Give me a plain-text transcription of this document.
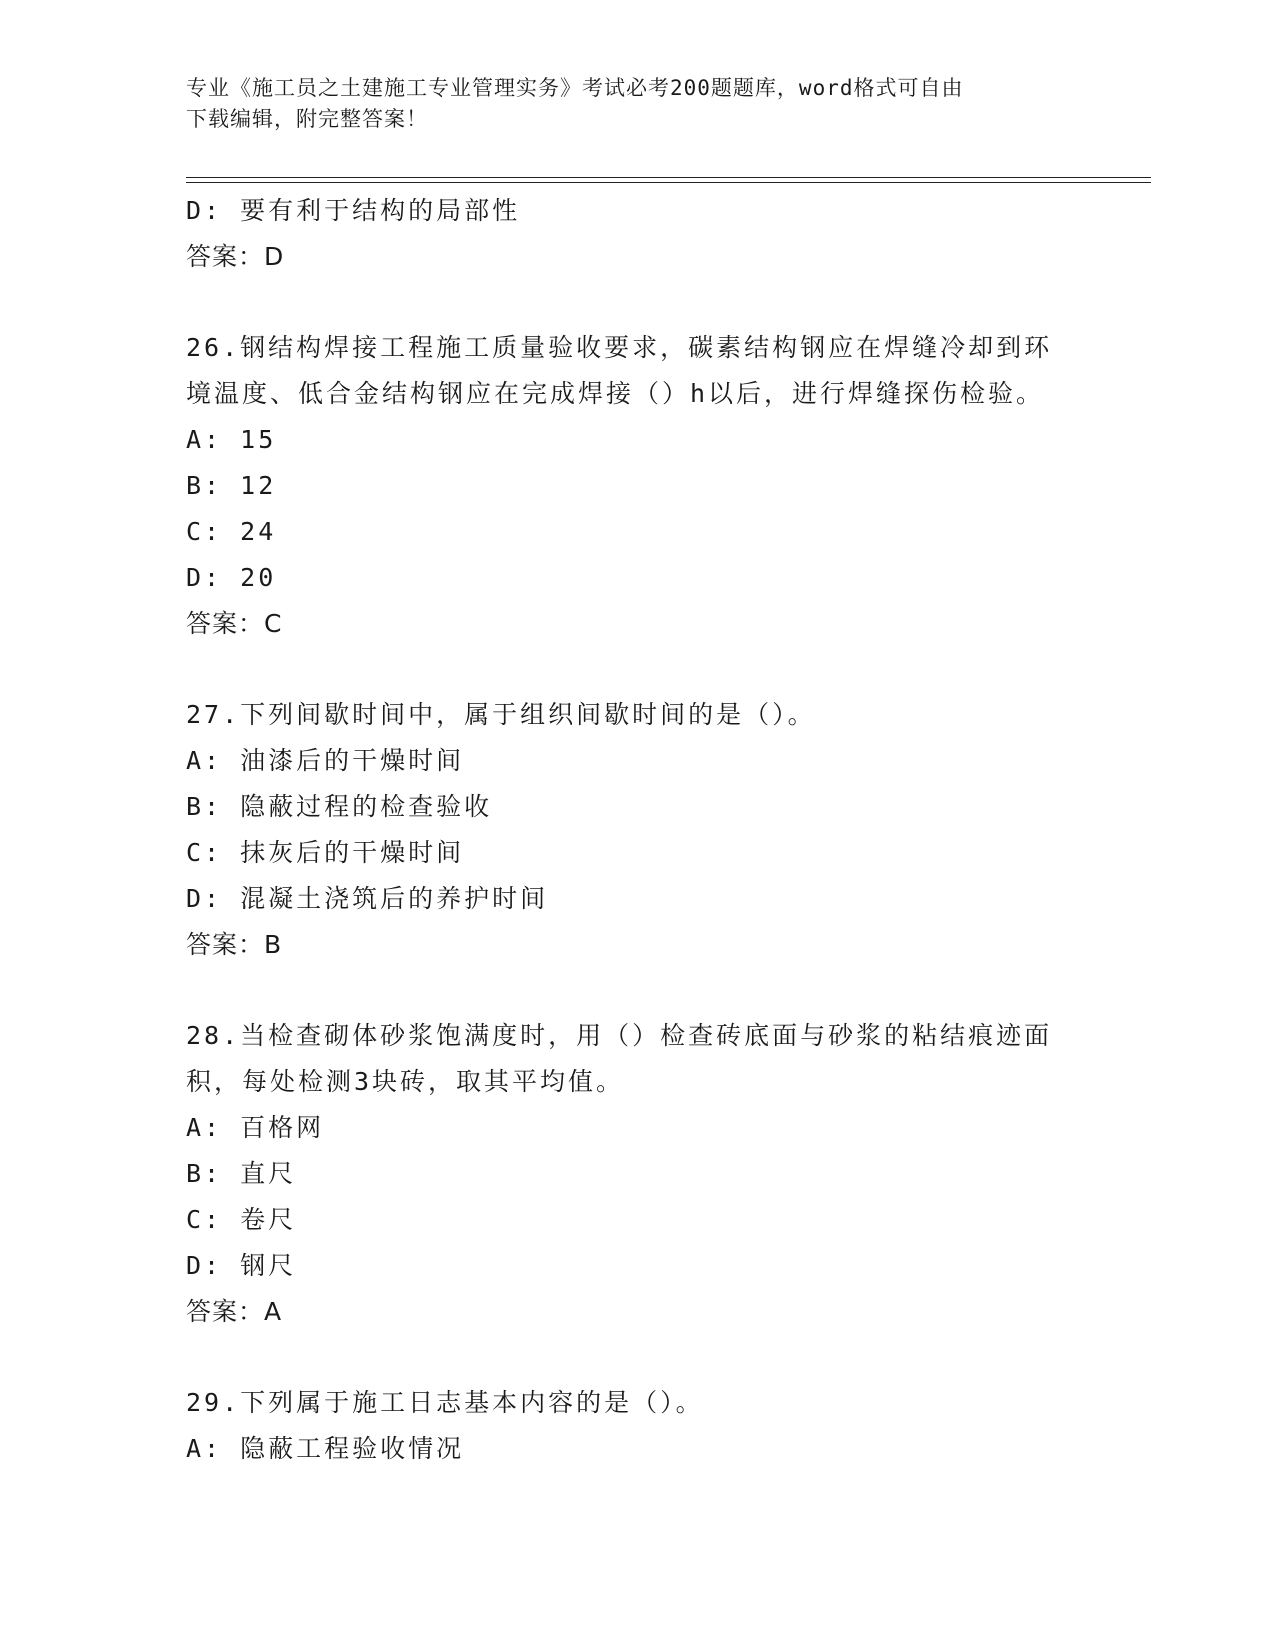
专业《施工员之土建施工专业管理实务》考试必考200题题库，word格式可自由
下载编辑，附完整答案！
D: 要有利于结构的局部性
答案：D
26.钢结构焊接工程施工质量验收要求，碳素结构钢应在焊缝冷却到环
境温度、低合金结构钢应在完成焊接（）h以后，进行焊缝探伤检验。
A: 15
B: 12
C: 24
D: 20
答案：C
27.下列间歇时间中，属于组织间歇时间的是（）。
A: 油漆后的干燥时间
B: 隐蔽过程的检查验收
C: 抹灰后的干燥时间
D: 混凝土浇筑后的养护时间
答案：B
28.当检查砌体砂浆饱满度时，用（）检查砖底面与砂浆的粘结痕迹面
积，每处检测3块砖，取其平均值。
A: 百格网
B: 直尺
C: 卷尺
D: 钢尺
答案：A
29.下列属于施工日志基本内容的是（）。
A: 隐蔽工程验收情况
